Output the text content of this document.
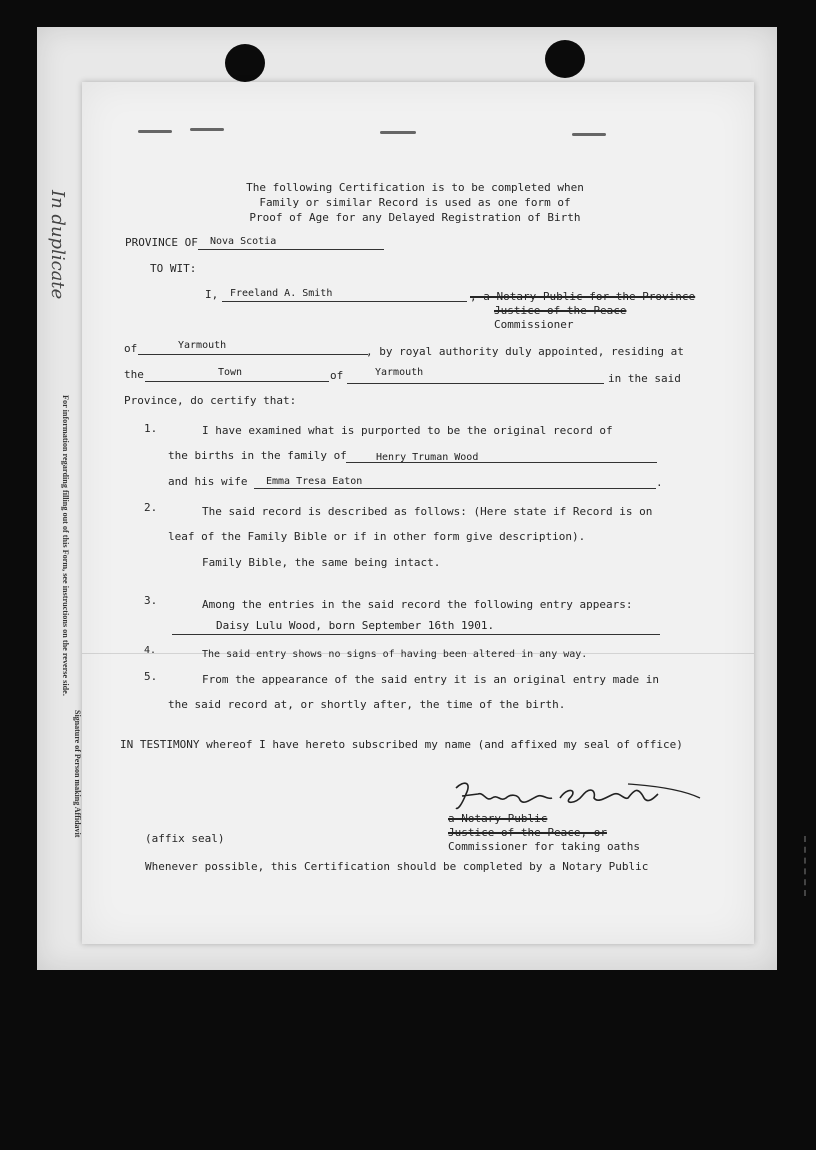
In duplicate
For information regarding filling out of this Form, see instructions on the reverse side.
Signature of Person making Affidavit
The following Certification is to be completed when
Family or similar Record is used as one form of
Proof of Age for any Delayed Registration of Birth
PROVINCE OF Nova Scotia
TO WIT:
I, Freeland A. Smith	, a Notary Public for the Province
Justice of the Peace
Commissioner
of	Yarmouth	, by royal authority duly appointed, residing at
the	Town	of	Yarmouth	in the said
Province, do certify that:
1.	I have examined what is purported to be the original record of
the births in the family of	Henry Truman Wood
and his wife Emma Tresa Eaton	.
2.	The said record is described as follows: (Here state if Record is on
leaf of the Family Bible or if in other form give description).
Family Bible, the same being intact.
3.	Among the entries in the said record the following entry appears:
Daisy Lulu Wood, born September 16th 1901.
4.	The said entry shows no signs of having been altered in any way.
5.	From the appearance of the said entry it is an original entry made in
the said record at, or shortly after, the time of the birth.
IN TESTIMONY whereof I have hereto subscribed my name (and affixed my seal of office)
a Notary Public
Justice of the Peace, or
Commissioner for taking oaths
(affix seal)
Whenever possible, this Certification should be completed by a Notary Public
